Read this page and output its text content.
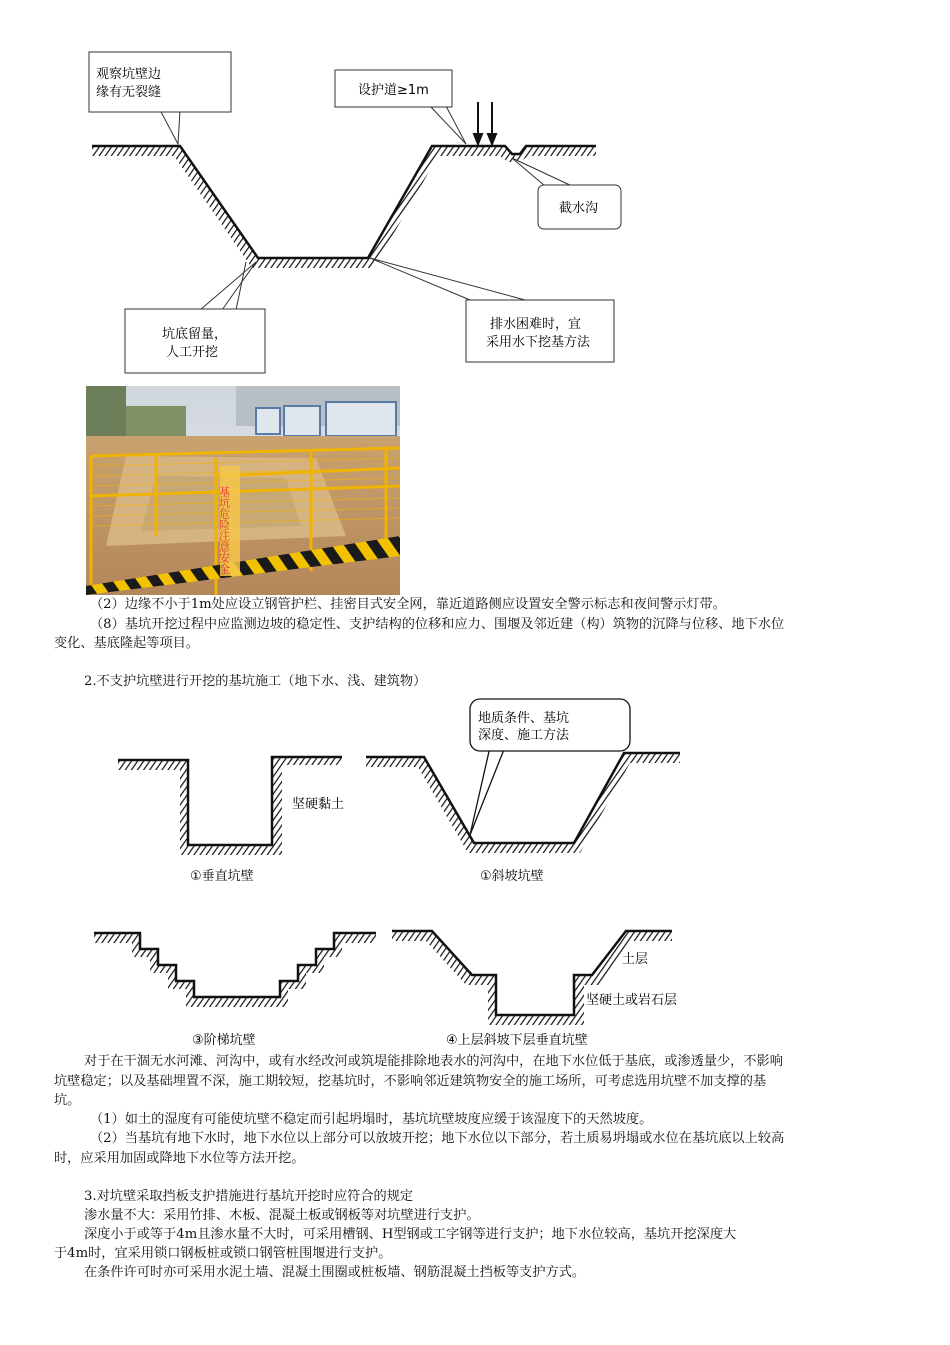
观察坑壁边
缘有无裂缝	设护道≥1m
截水沟
坑底留量，
人工开挖
排水困难时，宜
采用水下挖基方法
基坑危险注意安全
（2）边缘不小于1m处应设立钢管护栏、挂密目式安全网，靠近道路侧应设置安全警示标志和夜间警示灯带。
（8）基坑开挖过程中应监测边坡的稳定性、支护结构的位移和应力、围堰及邻近建（构）筑物的沉降与位移、地下水位
变化、基底隆起等项目。
2.不支护坑壁进行开挖的基坑施工（地下水、浅、建筑物）
坚硬黏土
①垂直坑壁
地质条件、基坑
深度、施工方法
①斜坡坑壁
③阶梯坑壁
土层
坚硬土或岩石层
④上层斜坡下层垂直坑壁
对于在干涸无水河滩、河沟中，或有水经改河或筑堤能排除地表水的河沟中，在地下水位低于基底，或渗透量少，不影响
坑壁稳定；以及基础埋置不深，施工期较短，挖基坑时，不影响邻近建筑物安全的施工场所，可考虑选用坑壁不加支撑的基
坑。
（1）如土的湿度有可能使坑壁不稳定而引起坍塌时，基坑坑壁坡度应缓于该湿度下的天然坡度。
（2）当基坑有地下水时，地下水位以上部分可以放坡开挖；地下水位以下部分，若土质易坍塌或水位在基坑底以上较高
时，应采用加固或降地下水位等方法开挖。
3.对坑壁采取挡板支护措施进行基坑开挖时应符合的规定
渗水量不大：采用竹排、木板、混凝土板或钢板等对坑壁进行支护。
深度小于或等于4m且渗水量不大时，可采用槽钢、H型钢或工字钢等进行支护；地下水位较高，基坑开挖深度大
于4m时，宜采用锁口钢板桩或锁口钢管桩围堰进行支护。
在条件许可时亦可采用水泥土墙、混凝土围圈或桩板墙、钢筋混凝土挡板等支护方式。
